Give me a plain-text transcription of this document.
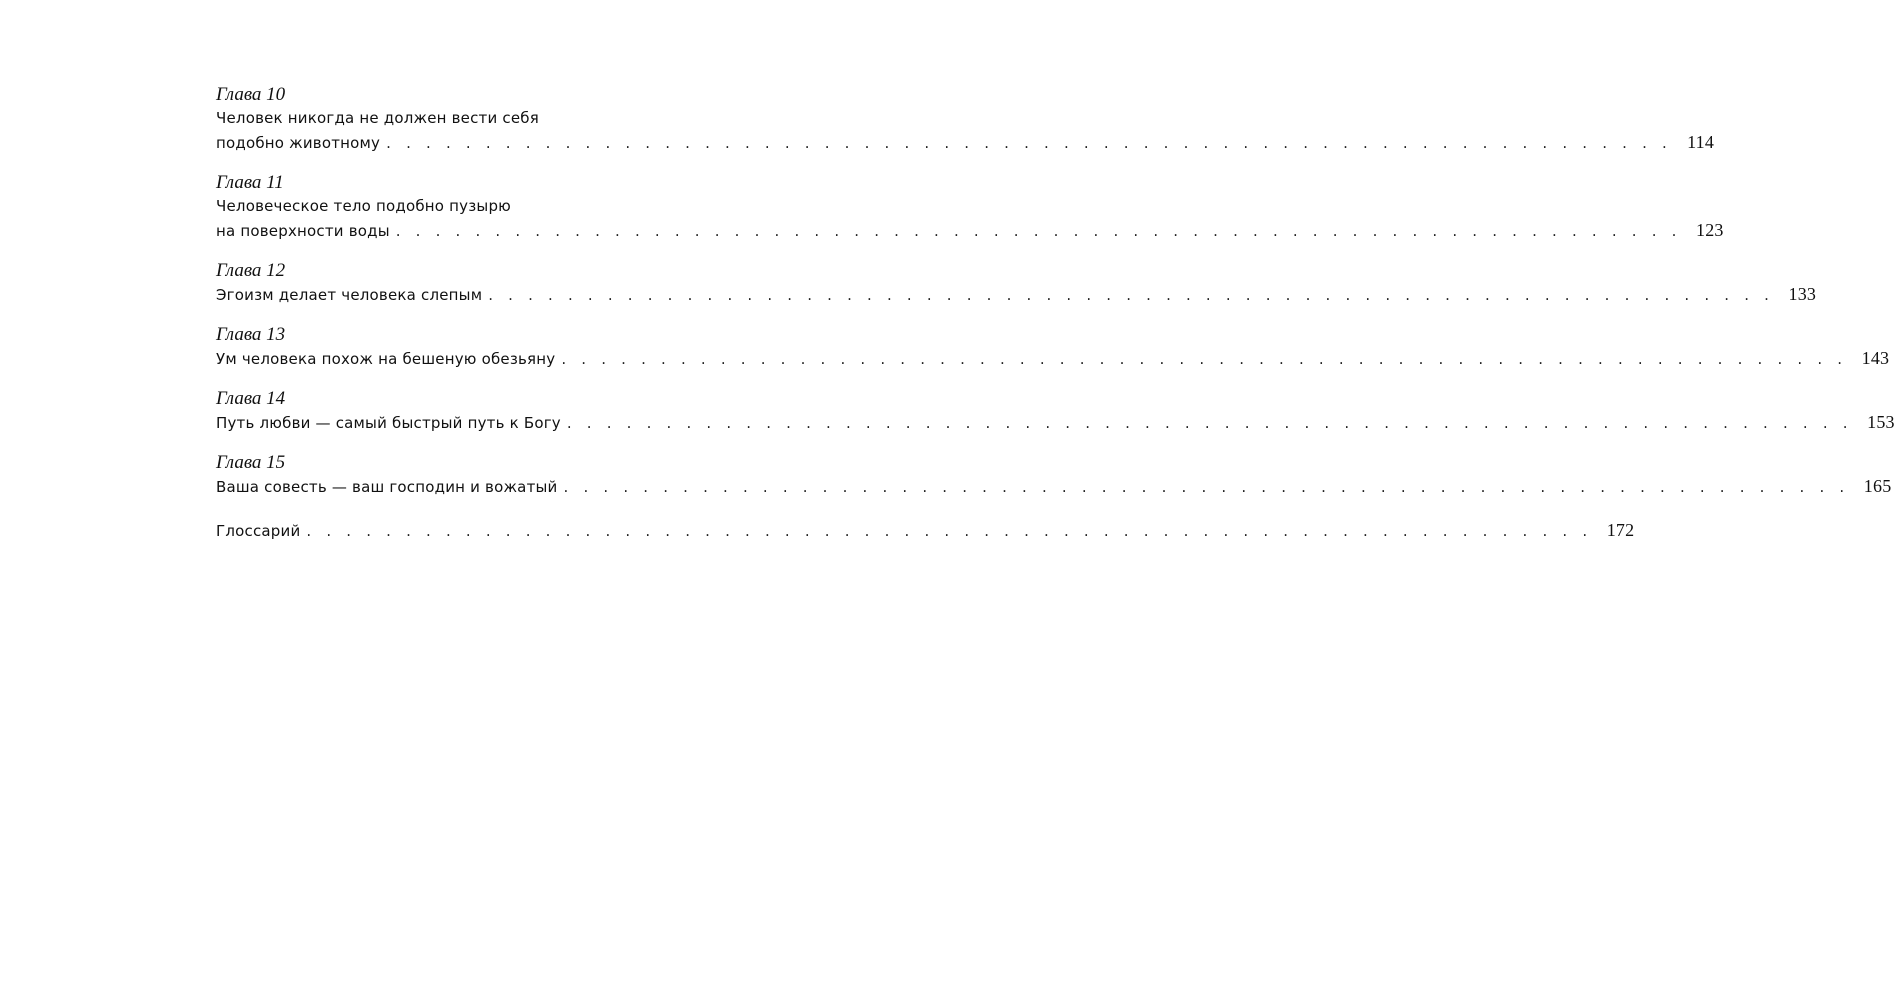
Глава 10
Человек никогда не должен вести себя
подобно животному . . . . . . . . . . . . . . . . . . . . . . . . . . . . . . . . . . . . . . . . . . . . . . . . . . . . . . . . . . . . . . . . . 114
Глава 11
Человеческое тело подобно пузырю
на поверхности воды . . . . . . . . . . . . . . . . . . . . . . . . . . . . . . . . . . . . . . . . . . . . . . . . . . . . . . . . . . . . . . . . . 123
Глава 12
Эгоизм делает человека слепым . . . . . . . . . . . . . . . . . . . . . . . . . . . . . . . . . . . . . . . . . . . . . . . . . . . . . . . . . . . . . . . . . 133
Глава 13
Ум человека похож на бешеную обезьяну . . . . . . . . . . . . . . . . . . . . . . . . . . . . . . . . . . . . . . . . . . . . . . . . . . . . . . . . . . . . . . . . . 143
Глава 14
Путь любви — самый быстрый путь к Богу . . . . . . . . . . . . . . . . . . . . . . . . . . . . . . . . . . . . . . . . . . . . . . . . . . . . . . . . . . . . . . . . . 153
Глава 15
Ваша совесть — ваш господин и вожатый . . . . . . . . . . . . . . . . . . . . . . . . . . . . . . . . . . . . . . . . . . . . . . . . . . . . . . . . . . . . . . . . . 165
Глоссарий . . . . . . . . . . . . . . . . . . . . . . . . . . . . . . . . . . . . . . . . . . . . . . . . . . . . . . . . . . . . . . . . . 172
